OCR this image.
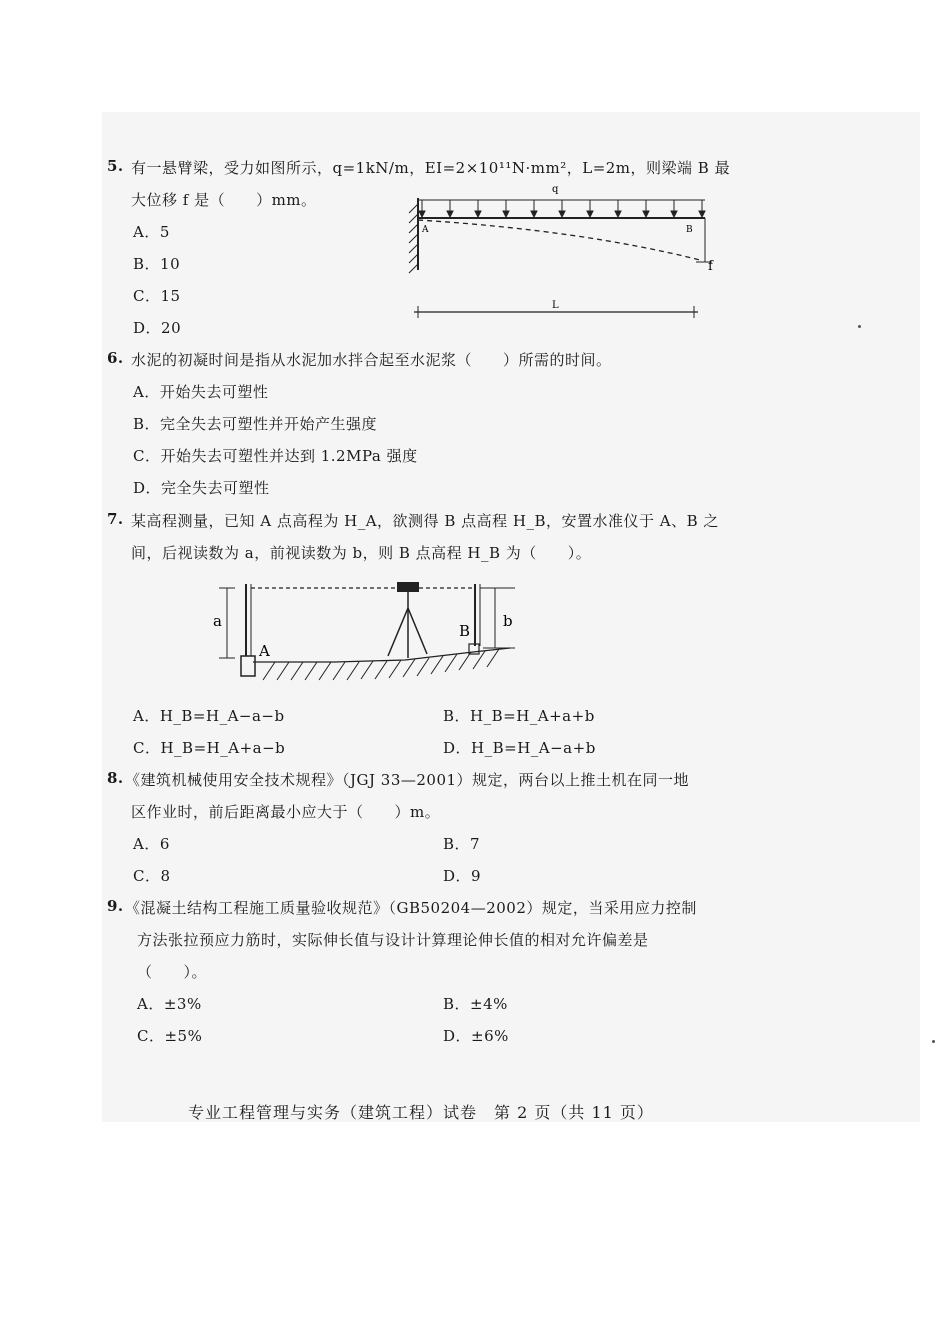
5. 有一悬臂梁，受力如图所示，q=1kN/m，EI=2×10¹¹N·mm²，L=2m，则梁端 B 最
大位移 f 是（　　）mm。
A．5
B．10
C．15
D．20
q
A	B
f
L
6. 水泥的初凝时间是指从水泥加水拌合起至水泥浆（　　）所需的时间。
A．开始失去可塑性
B．完全失去可塑性并开始产生强度
C．开始失去可塑性并达到 1.2MPa 强度
D．完全失去可塑性
7. 某高程测量，已知 A 点高程为 H_A，欲测得 B 点高程 H_B，安置水准仪于 A、B 之
间，后视读数为 a，前视读数为 b，则 B 点高程 H_B 为（　　）。
a
A
B
b
A．H_B=H_A−a−b	B．H_B=H_A+a+b
C．H_B=H_A+a−b	D．H_B=H_A−a+b
8. 《建筑机械使用安全技术规程》（JGJ 33—2001）规定，两台以上推土机在同一地
区作业时，前后距离最小应大于（　　）m。
A．6	B．7
C．8	D．9
9. 《混凝土结构工程施工质量验收规范》（GB50204—2002）规定，当采用应力控制
方法张拉预应力筋时，实际伸长值与设计计算理论伸长值的相对允许偏差是
（　　）。
A．±3%	B．±4%
C．±5%	D．±6%
专业工程管理与实务（建筑工程）试卷　第 2 页（共 11 页）
